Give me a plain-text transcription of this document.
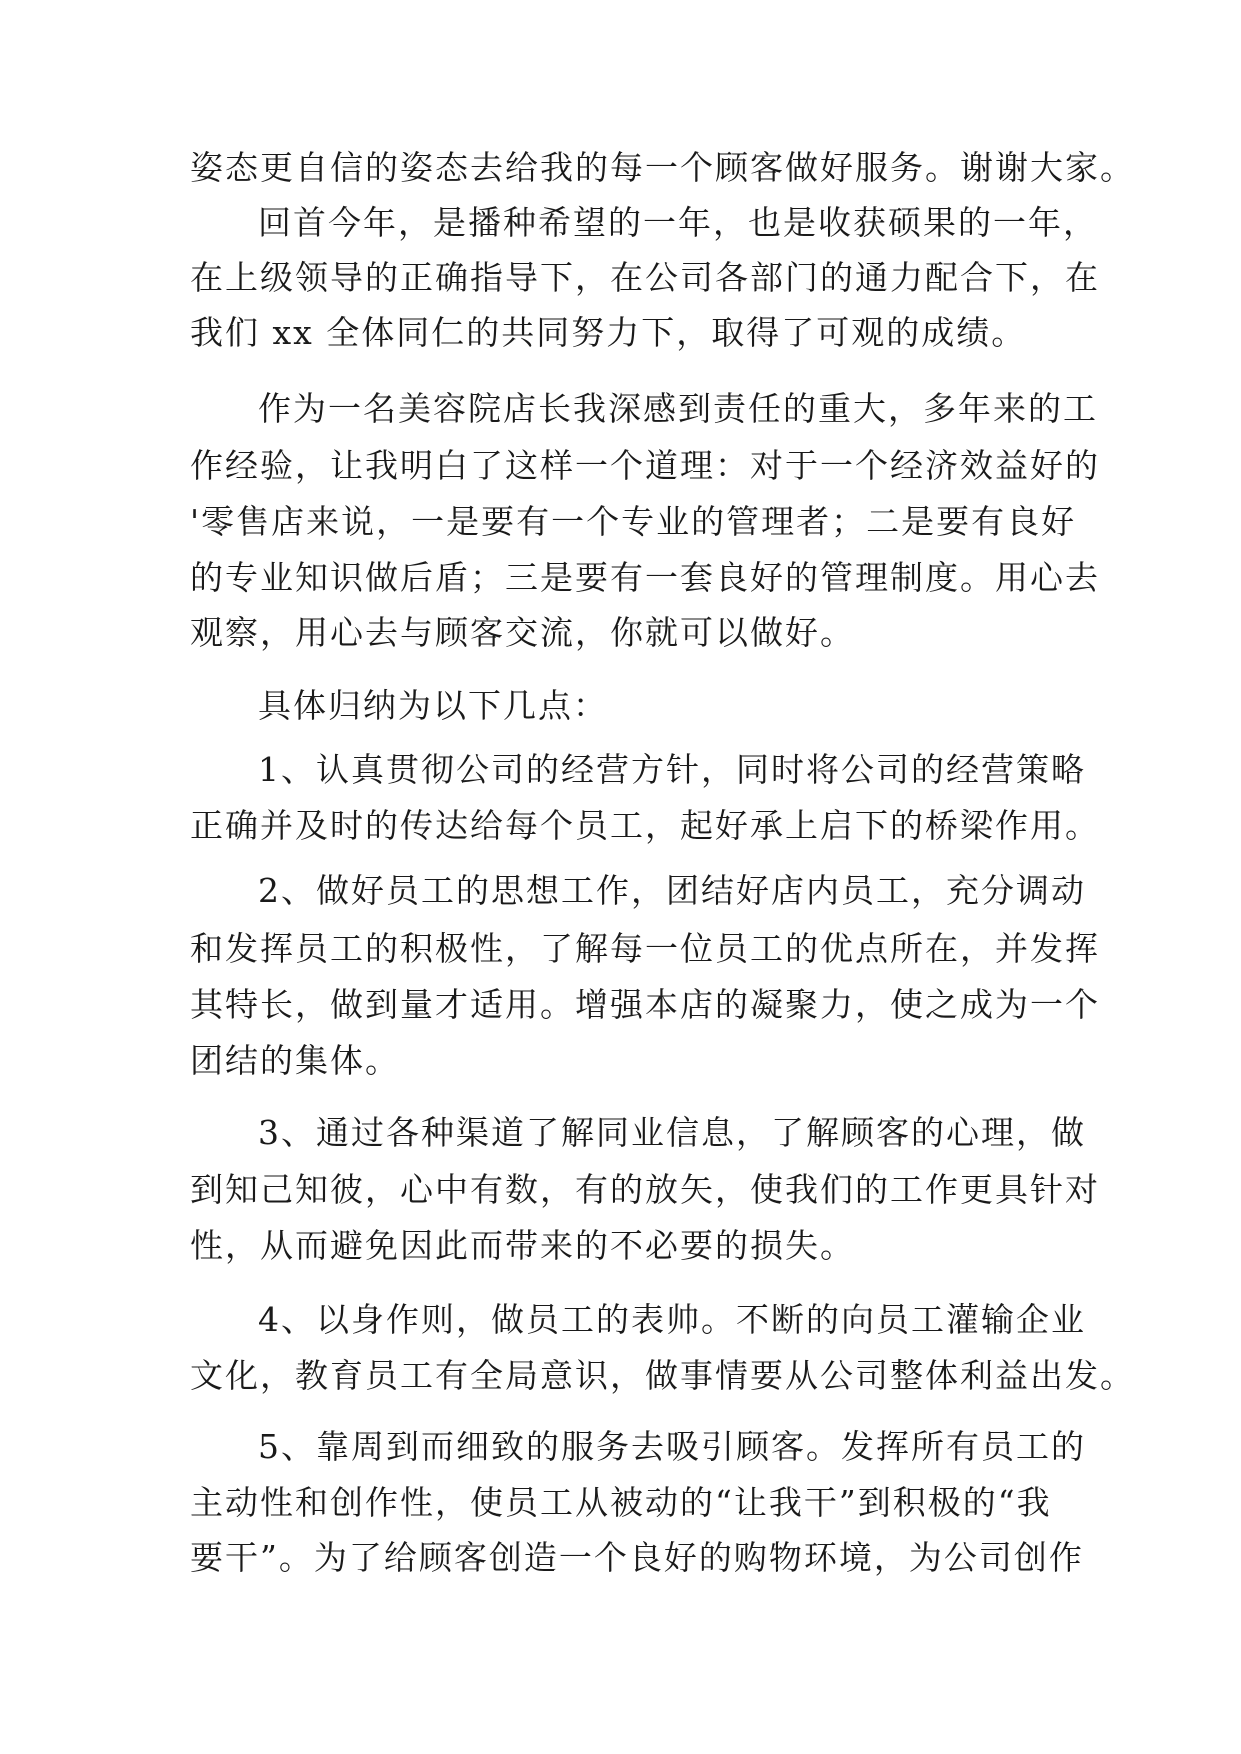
姿态更自信的姿态去给我的每一个顾客做好服务。谢谢大家。
回首今年，是播种希望的一年，也是收获硕果的一年，
在上级领导的正确指导下，在公司各部门的通力配合下，在
我们 xx 全体同仁的共同努力下，取得了可观的成绩。
作为一名美容院店长我深感到责任的重大，多年来的工
作经验，让我明白了这样一个道理：对于一个经济效益好的
'零售店来说，一是要有一个专业的管理者；二是要有良好
的专业知识做后盾；三是要有一套良好的管理制度。用心去
观察，用心去与顾客交流，你就可以做好。
具体归纳为以下几点：
1、认真贯彻公司的经营方针，同时将公司的经营策略
正确并及时的传达给每个员工，起好承上启下的桥梁作用。
2、做好员工的思想工作，团结好店内员工，充分调动
和发挥员工的积极性，了解每一位员工的优点所在，并发挥
其特长，做到量才适用。增强本店的凝聚力，使之成为一个
团结的集体。
3、通过各种渠道了解同业信息，了解顾客的心理，做
到知己知彼，心中有数，有的放矢，使我们的工作更具针对
性，从而避免因此而带来的不必要的损失。
4、以身作则，做员工的表帅。不断的向员工灌输企业
文化，教育员工有全局意识，做事情要从公司整体利益出发。
5、靠周到而细致的服务去吸引顾客。发挥所有员工的
主动性和创作性，使员工从被动的“让我干”到积极的“我
要干”。为了给顾客创造一个良好的购物环境，为公司创作
